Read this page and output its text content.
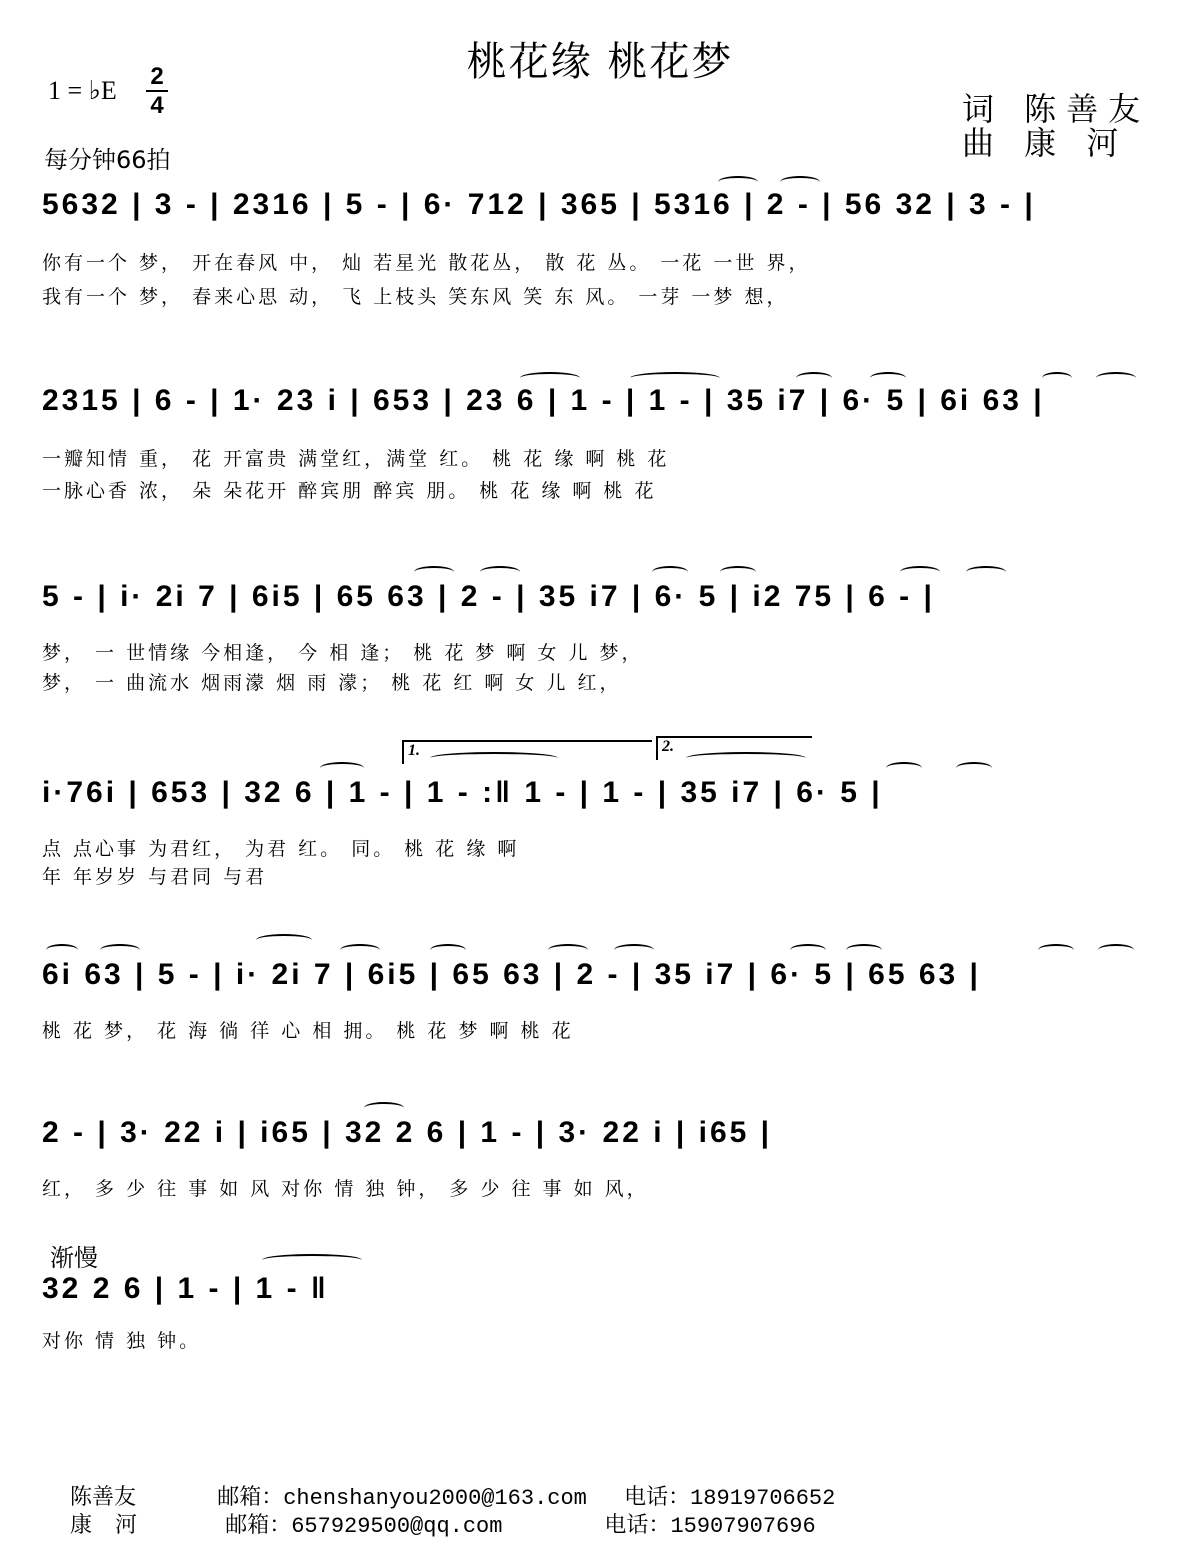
桃花缘 桃花梦
1 = ♭E 2
4
每分钟66拍
词 陈善友
曲 康 河
5632 | 3 - | 2316 | 5 - | 6· 712 | 365 | 5316 | 2 - | 56 32 | 3 - |
你有一个 梦， 开在春风 中， 灿 若星光 散花丛， 散 花 丛。 一花 一世 界，
我有一个 梦， 春来心思 动， 飞 上枝头 笑东风 笑 东 风。 一芽 一梦 想，
2315 | 6 - | 1· 23 i | 653 | 23 6 | 1 - | 1 - | 35 i7 | 6· 5 | 6i 63 |
一瓣知情 重， 花 开富贵 满堂红，满堂 红。 桃 花 缘 啊 桃 花
一脉心香 浓， 朵 朵花开 醉宾朋 醉宾 朋。 桃 花 缘 啊 桃 花
5 - | i· 2i 7 | 6i5 | 65 63 | 2 - | 35 i7 | 6· 5 | i2 75 | 6 - |
梦， 一 世情缘 今相逢， 今 相 逢； 桃 花 梦 啊 女 儿 梦，
梦， 一 曲流水 烟雨濛 烟 雨 濛； 桃 花 红 啊 女 儿 红，
1.	2.
i·76i | 653 | 32 6 | 1 - | 1 - :‖ 1 - | 1 - | 35 i7 | 6· 5 |
点 点心事 为君红， 为君 红。 同。 桃 花 缘 啊
年 年岁岁 与君同 与君
6i 63 | 5 - | i· 2i 7 | 6i5 | 65 63 | 2 - | 35 i7 | 6· 5 | 65 63 |
桃 花 梦， 花 海 徜 徉 心 相 拥。 桃 花 梦 啊 桃 花
2 - | 3· 22 i | i65 | 32 2 6 | 1 - | 3· 22 i | i65 |
红， 多 少 往 事 如 风 对你 情 独 钟， 多 少 往 事 如 风，
渐慢
32 2 6 | 1 - | 1 - ‖
对你 情 独 钟。
陈善友	邮箱：chenshanyou2000@163.com 电话：18919706652
康 河	邮箱：657929500@qq.com	电话：15907907696
